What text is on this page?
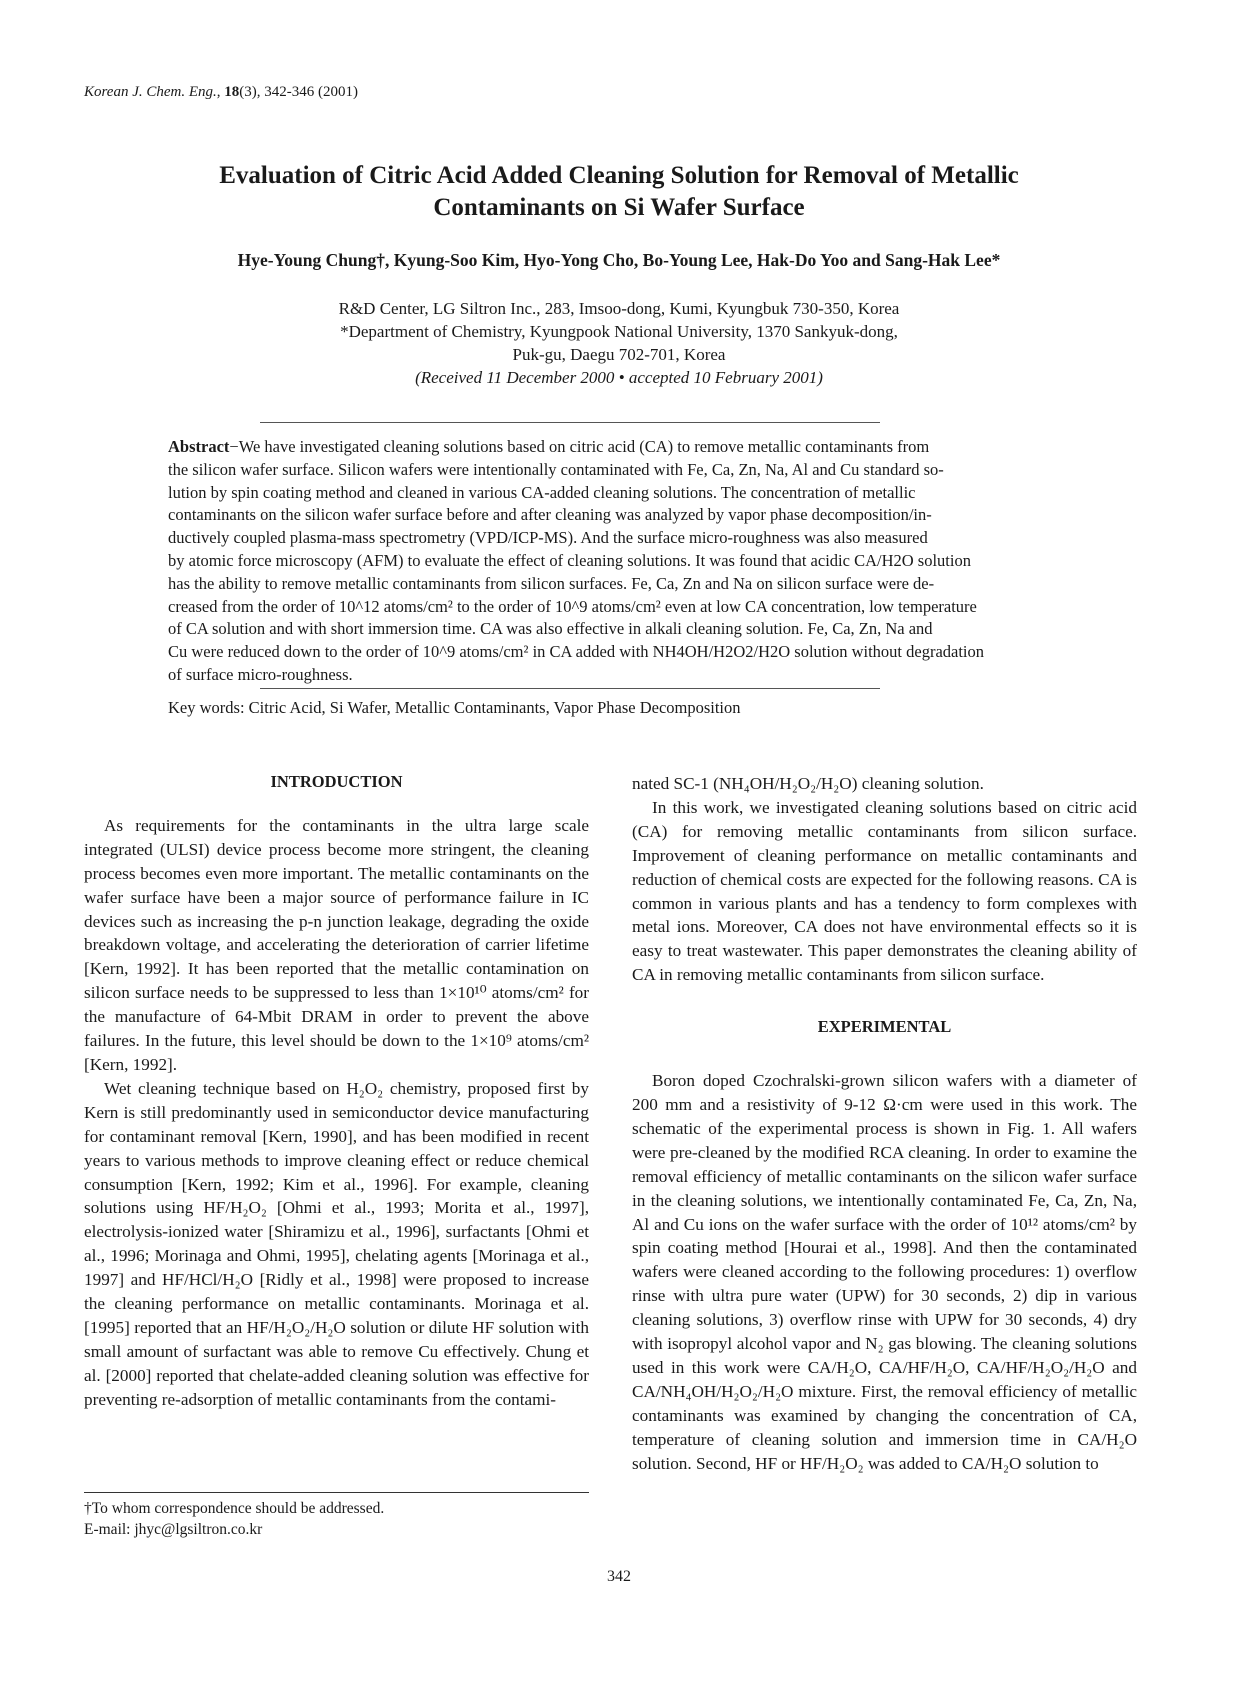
Korean J. Chem. Eng., 18(3), 342-346 (2001)
Evaluation of Citric Acid Added Cleaning Solution for Removal of Metallic
Contaminants on Si Wafer Surface
Hye-Young Chung†, Kyung-Soo Kim, Hyo-Yong Cho, Bo-Young Lee, Hak-Do Yoo and Sang-Hak Lee*
R&D Center, LG Siltron Inc., 283, Imsoo-dong, Kumi, Kyungbuk 730-350, Korea
*Department of Chemistry, Kyungpook National University, 1370 Sankyuk-dong,
Puk-gu, Daegu 702-701, Korea
(Received 11 December 2000 • accepted 10 February 2001)
Abstract−We have investigated cleaning solutions based on citric acid (CA) to remove metallic contaminants from
the silicon wafer surface. Silicon wafers were intentionally contaminated with Fe, Ca, Zn, Na, Al and Cu standard so-
lution by spin coating method and cleaned in various CA-added cleaning solutions. The concentration of metallic
contaminants on the silicon wafer surface before and after cleaning was analyzed by vapor phase decomposition/in-
ductively coupled plasma-mass spectrometry (VPD/ICP-MS). And the surface micro-roughness was also measured
by atomic force microscopy (AFM) to evaluate the effect of cleaning solutions. It was found that acidic CA/H2O solution
has the ability to remove metallic contaminants from silicon surfaces. Fe, Ca, Zn and Na on silicon surface were de-
creased from the order of 10^12 atoms/cm² to the order of 10^9 atoms/cm² even at low CA concentration, low temperature
of CA solution and with short immersion time. CA was also effective in alkali cleaning solution. Fe, Ca, Zn, Na and
Cu were reduced down to the order of 10^9 atoms/cm² in CA added with NH4OH/H2O2/H2O solution without degradation
of surface micro-roughness.
Key words: Citric Acid, Si Wafer, Metallic Contaminants, Vapor Phase Decomposition
INTRODUCTION

As requirements for the contaminants in the ultra large scale integrated (ULSI) device process become more stringent, the cleaning process becomes even more important. The metallic contaminants on the wafer surface have been a major source of performance failure in IC devices such as increasing the p-n junction leakage, degrading the oxide breakdown voltage, and accelerating the deterioration of carrier lifetime [Kern, 1992]. It has been reported that the metallic contamination on silicon surface needs to be suppressed to less than 1×10¹⁰ atoms/cm² for the manufacture of 64-Mbit DRAM in order to prevent the above failures. In the future, this level should be down to the 1×10⁹ atoms/cm² [Kern, 1992].

Wet cleaning technique based on H₂O₂ chemistry, proposed first by Kern is still predominantly used in semiconductor device manufacturing for contaminant removal [Kern, 1990], and has been modified in recent years to various methods to improve cleaning effect or reduce chemical consumption [Kern, 1992; Kim et al., 1996]. For example, cleaning solutions using HF/H₂O₂ [Ohmi et al., 1993; Morita et al., 1997], electrolysis-ionized water [Shiramizu et al., 1996], surfactants [Ohmi et al., 1996; Morinaga and Ohmi, 1995], chelating agents [Morinaga et al., 1997] and HF/HCl/H₂O [Ridly et al., 1998] were proposed to increase the cleaning performance on metallic contaminants. Morinaga et al. [1995] reported that an HF/H₂O₂/H₂O solution or dilute HF solution with small amount of surfactant was able to remove Cu effectively. Chung et al. [2000] reported that chelate-added cleaning solution was effective for preventing re-adsorption of metallic contaminants from the contami-

†To whom correspondence should be addressed.
E-mail: jhyc@lgsiltron.co.kr

nated SC-1 (NH₄OH/H₂O₂/H₂O) cleaning solution.

In this work, we investigated cleaning solutions based on citric acid (CA) for removing metallic contaminants from silicon surface. Improvement of cleaning performance on metallic contaminants and reduction of chemical costs are expected for the following reasons. CA is common in various plants and has a tendency to form complexes with metal ions. Moreover, CA does not have environmental effects so it is easy to treat wastewater. This paper demonstrates the cleaning ability of CA in removing metallic contaminants from silicon surface.

EXPERIMENTAL

Boron doped Czochralski-grown silicon wafers with a diameter of 200 mm and a resistivity of 9-12 Ω·cm were used in this work. The schematic of the experimental process is shown in Fig. 1. All wafers were pre-cleaned by the modified RCA cleaning. In order to examine the removal efficiency of metallic contaminants on the silicon wafer surface in the cleaning solutions, we intentionally contaminated Fe, Ca, Zn, Na, Al and Cu ions on the wafer surface with the order of 10¹² atoms/cm² by spin coating method [Hourai et al., 1998]. And then the contaminated wafers were cleaned according to the following procedures: 1) overflow rinse with ultra pure water (UPW) for 30 seconds, 2) dip in various cleaning solutions, 3) overflow rinse with UPW for 30 seconds, 4) dry with isopropyl alcohol vapor and N₂ gas blowing. The cleaning solutions used in this work were CA/H₂O, CA/HF/H₂O, CA/HF/H₂O₂/H₂O and CA/NH₄OH/H₂O₂/H₂O mixture. First, the removal efficiency of metallic contaminants was examined by changing the concentration of CA, temperature of cleaning solution and immersion time in CA/H₂O solution. Second, HF or HF/H₂O₂ was added to CA/H₂O solution to

342
